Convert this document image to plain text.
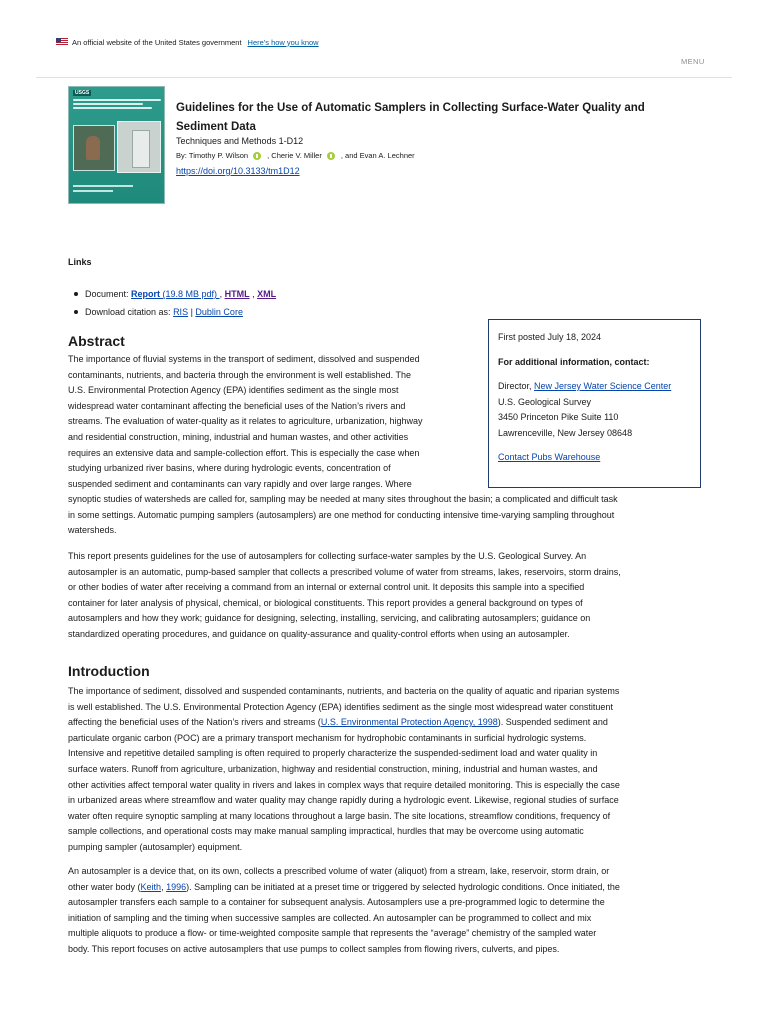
An official website of the United States government Here's how you know
MENU
USGS
Guidelines for the Use of Automatic Samplers in Collecting Surface-Water Quality and Sediment Data
Techniques and Methods 1-D12
By: Timothy P. Wilson	, Cherie V. Miller	, and Evan A. Lechner
https://doi.org/10.3133/tm1D12
Links
Document: Report (19.8 MB pdf) , HTML , XML
Download citation as: RIS | Dublin Core
First posted July 18, 2024
For additional information, contact:
Director, New Jersey Water Science Center
U.S. Geological Survey
3450 Princeton Pike Suite 110
Lawrenceville, New Jersey 08648
Contact Pubs Warehouse
Abstract
The importance of fluvial systems in the transport of sediment, dissolved and suspended
contaminants, nutrients, and bacteria through the environment is well established. The
U.S. Environmental Protection Agency (EPA) identifies sediment as the single most
widespread water contaminant affecting the beneficial uses of the Nation’s rivers and
streams. The evaluation of water-quality as it relates to agriculture, urbanization, highway
and residential construction, mining, industrial and human wastes, and other activities
requires an extensive data and sample-collection effort. This is especially the case when
studying urbanized river basins, where during hydrologic events, concentration of
suspended sediment and contaminants can vary rapidly and over large ranges. Where
synoptic studies of watersheds are called for, sampling may be needed at many sites throughout the basin; a complicated and difficult task
in some settings. Automatic pumping samplers (autosamplers) are one method for conducting intensive time-varying sampling throughout
watersheds.
This report presents guidelines for the use of autosamplers for collecting surface-water samples by the U.S. Geological Survey. An
autosampler is an automatic, pump-based sampler that collects a prescribed volume of water from streams, lakes, reservoirs, storm drains,
or other bodies of water after receiving a command from an internal or external control unit. It deposits this sample into a specified
container for later analysis of physical, chemical, or biological constituents. This report provides a general background on types of
autosamplers and how they work; guidance for designing, selecting, installing, servicing, and calibrating autosamplers; guidance on
standardized operating procedures, and guidance on quality-assurance and quality-control efforts when using an autosampler.
Introduction
The importance of sediment, dissolved and suspended contaminants, nutrients, and bacteria on the quality of aquatic and riparian systems
is well established. The U.S. Environmental Protection Agency (EPA) identifies sediment as the single most widespread water constituent
affecting the beneficial uses of the Nation’s rivers and streams (U.S. Environmental Protection Agency, 1998). Suspended sediment and
particulate organic carbon (POC) are a primary transport mechanism for hydrophobic contaminants in surficial hydrologic systems.
Intensive and repetitive detailed sampling is often required to properly characterize the suspended-sediment load and water quality in
surface waters. Runoff from agriculture, urbanization, highway and residential construction, mining, industrial and human wastes, and
other activities affect temporal water quality in rivers and lakes in complex ways that require detailed monitoring. This is especially the case
in urbanized areas where streamflow and water quality may change rapidly during a hydrologic event. Likewise, regional studies of surface
water often require synoptic sampling at many locations throughout a large basin. The site locations, streamflow conditions, frequency of
sample collections, and operational costs may make manual sampling impractical, hurdles that may be overcome using automatic
pumping sampler (autosampler) equipment.
An autosampler is a device that, on its own, collects a prescribed volume of water (aliquot) from a stream, lake, reservoir, storm drain, or
other water body (Keith, 1996). Sampling can be initiated at a preset time or triggered by selected hydrologic conditions. Once initiated, the
autosampler transfers each sample to a container for subsequent analysis. Autosamplers use a pre-programmed logic to determine the
initiation of sampling and the timing when successive samples are collected. An autosampler can be programmed to collect and mix
multiple aliquots to produce a flow- or time-weighted composite sample that represents the “average” chemistry of the sampled water
body. This report focuses on active autosamplers that use pumps to collect samples from flowing rivers, culverts, and pipes.
